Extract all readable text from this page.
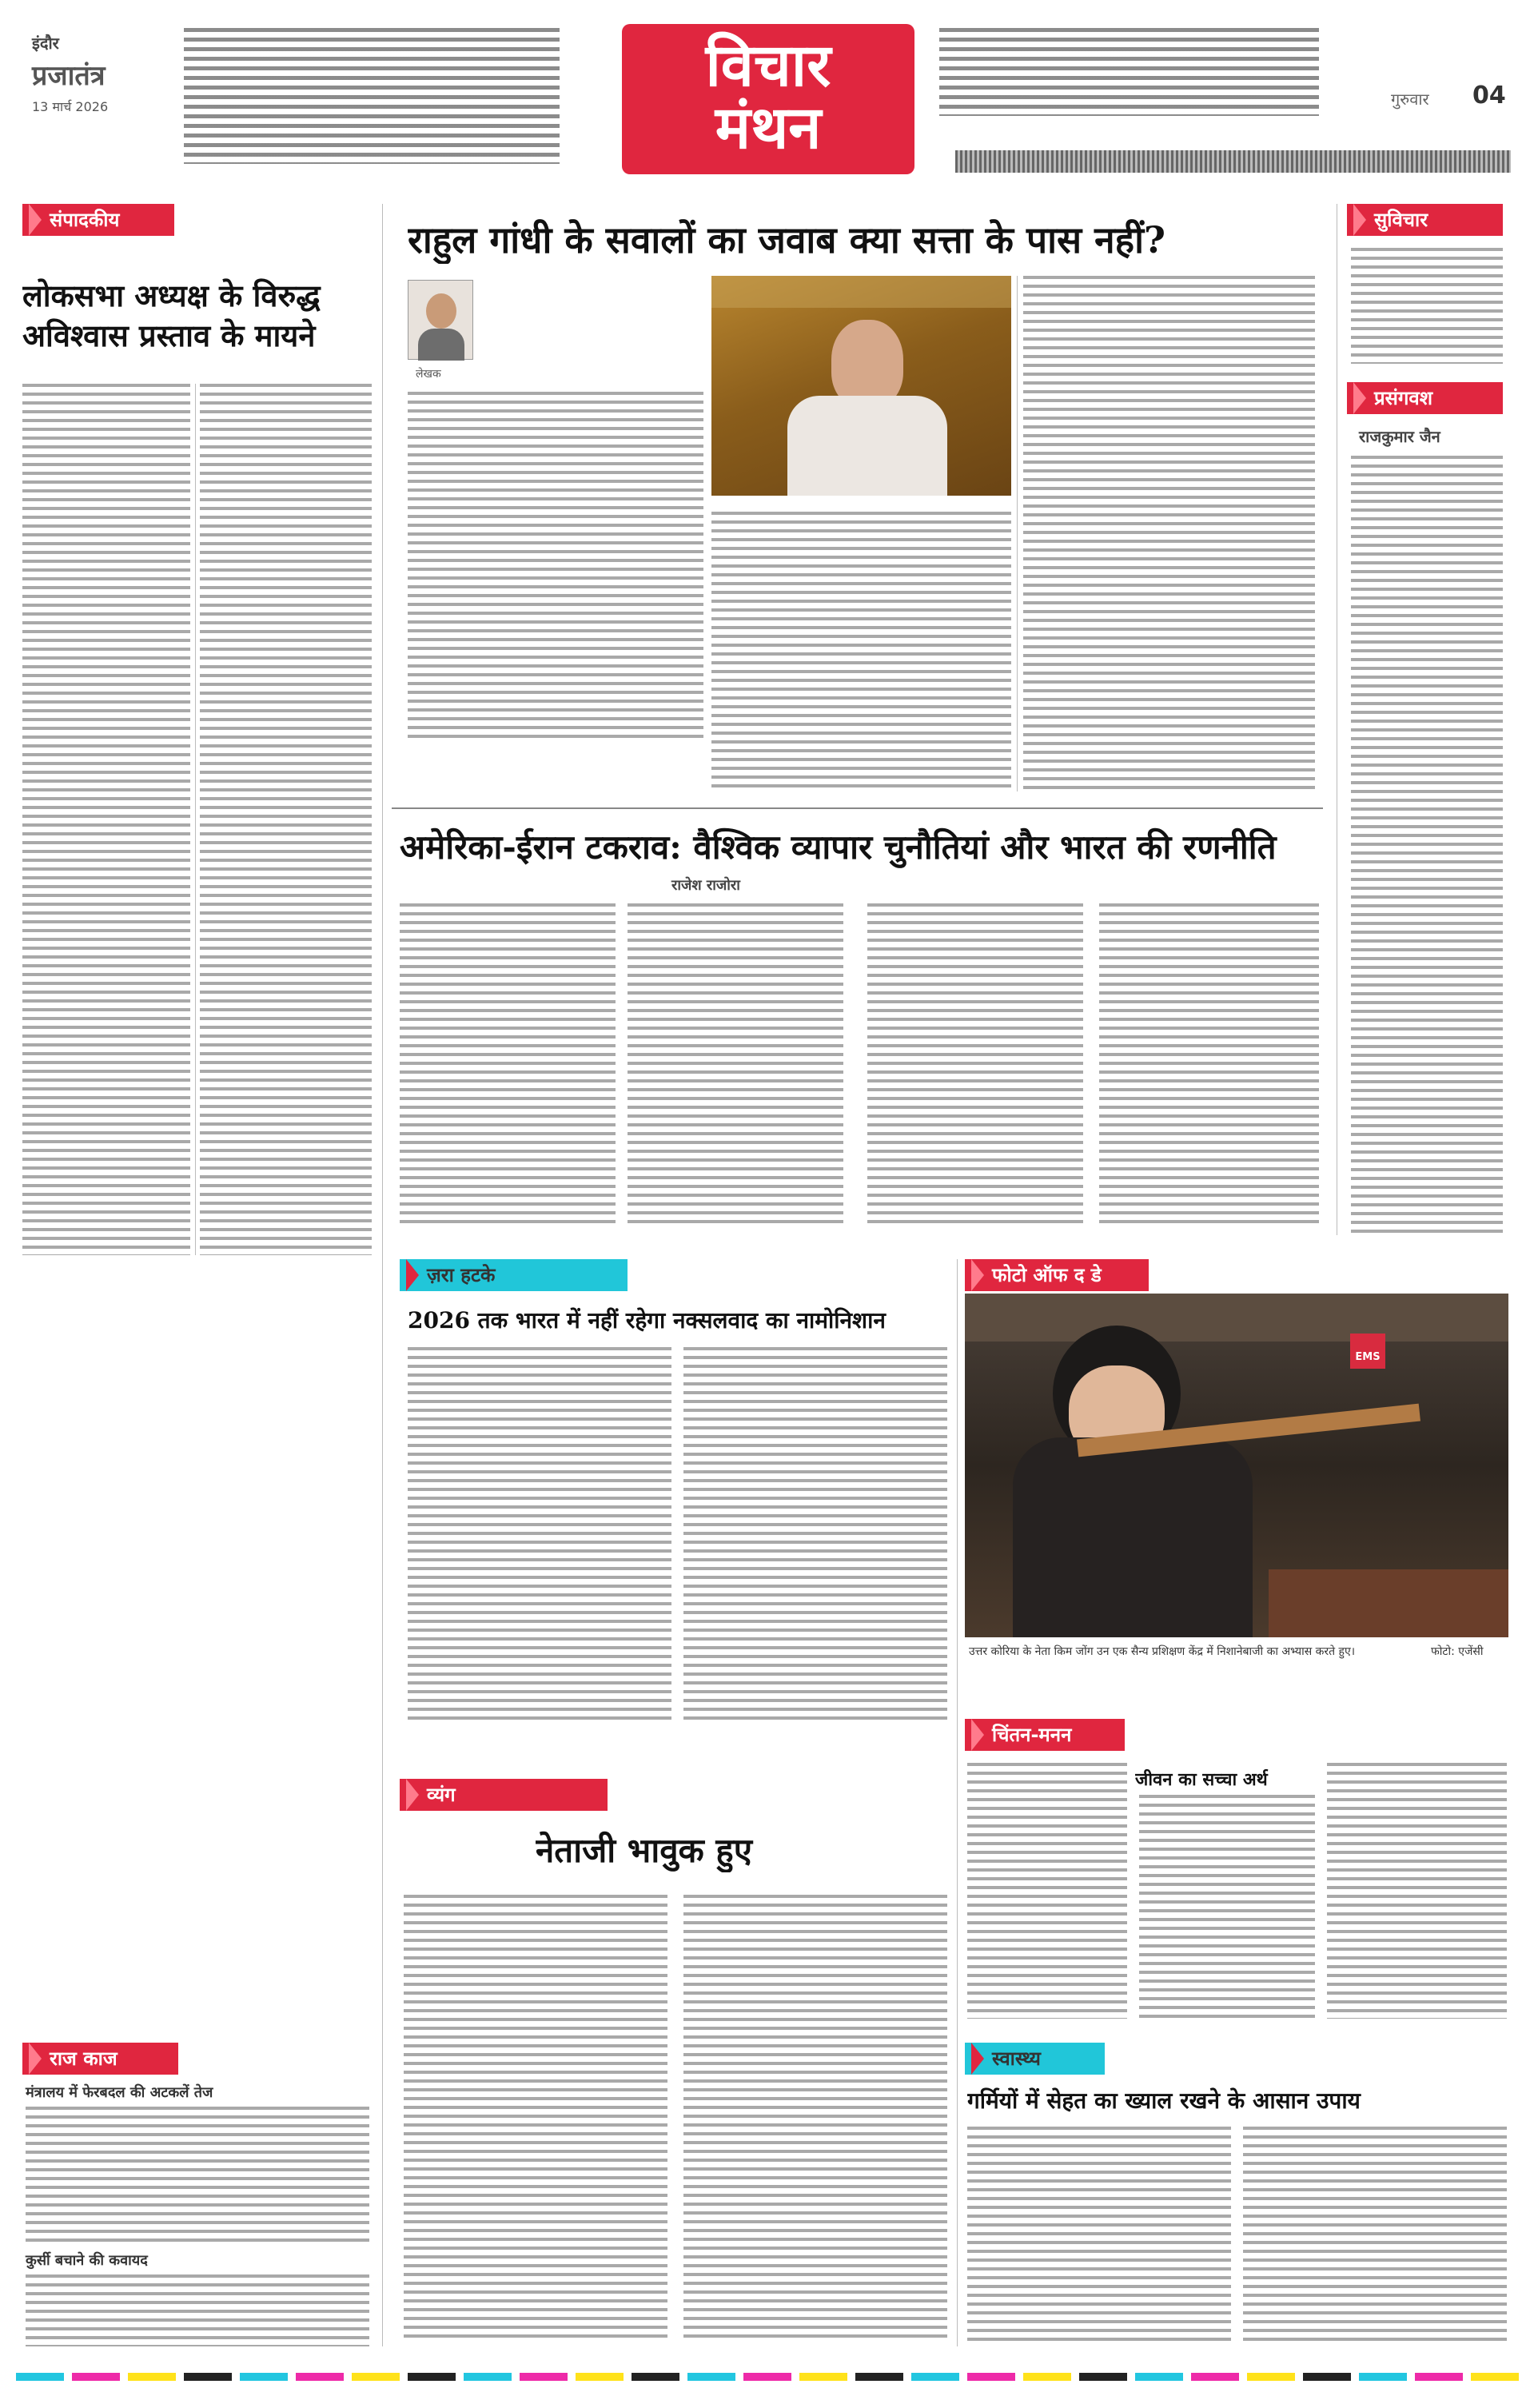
इंदौर
प्रजातंत्र
13 मार्च 2026
विचार
मंथन	गुरुवार 04
संपादकीय
लोकसभा अध्यक्ष के विरुद्ध अविश्वास प्रस्ताव के मायने
राहुल गांधी के सवालों का जवाब क्या सत्ता के पास नहीं?
लेखक
अमेरिका-ईरान टकराव: वैश्विक व्यापार चुनौतियां और भारत की रणनीति
राजेश राजोरा
सुविचार
प्रसंगवश
राजकुमार जैन
ज़रा हटके
2026 तक भारत में नहीं रहेगा नक्सलवाद का नामोनिशान
फोटो ऑफ द डे
EMS
उत्तर कोरिया के नेता किम जोंग उन एक सैन्य प्रशिक्षण केंद्र में निशानेबाजी का अभ्यास करते हुए।	फोटो: एजेंसी
व्यंग
नेताजी भावुक हुए
चिंतन-मनन
जीवन का सच्चा अर्थ
स्वास्थ्य
गर्मियों में सेहत का ख्याल रखने के आसान उपाय
राज काज
मंत्रालय में फेरबदल की अटकलें तेज
कुर्सी बचाने की कवायद
